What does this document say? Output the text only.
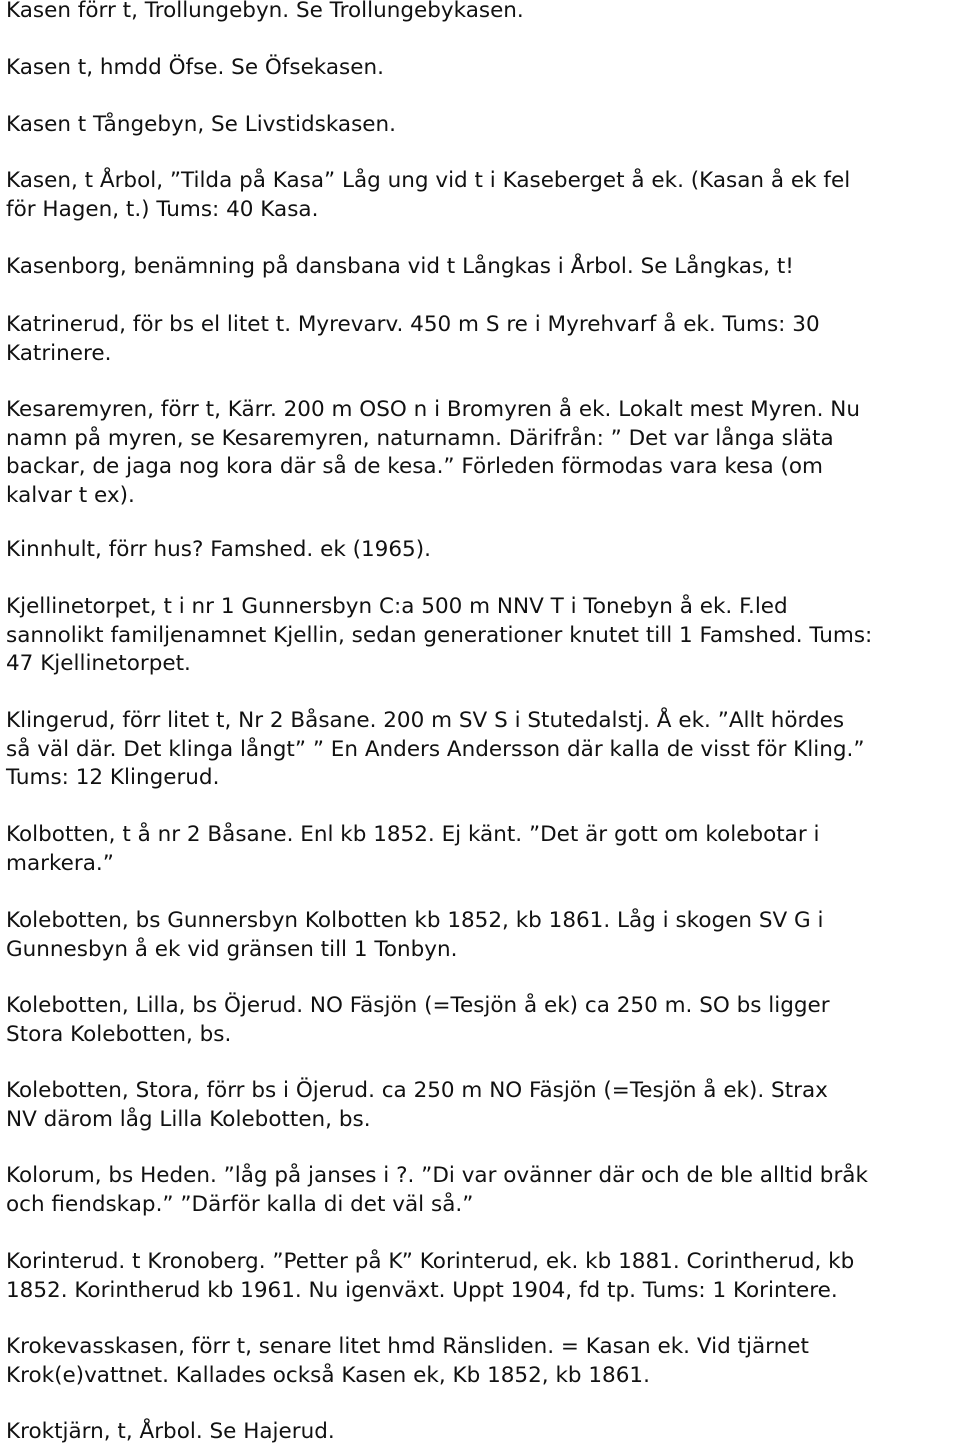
Kasen förr t, Trollungebyn. Se Trollungebykasen.

Kasen t, hmdd Öfse. Se Öfsekasen.

Kasen t Tångebyn, Se Livstidskasen.

Kasen, t Årbol, ”Tilda på Kasa” Låg ung vid t i Kaseberget å ek. (Kasan å ek fel
för Hagen, t.) Tums: 40 Kasa.

Kasenborg, benämning på dansbana vid t Långkas i Årbol. Se Långkas, t!

Katrinerud, för bs el litet t. Myrevarv. 450 m S re i Myrehvarf å ek. Tums: 30
Katrinere.

Kesaremyren, förr t, Kärr. 200 m OSO n i Bromyren å ek. Lokalt mest Myren. Nu
namn på myren, se Kesaremyren, naturnamn. Därifrån: ” Det var långa släta
backar, de jaga nog kora där så de kesa.” Förleden förmodas vara kesa (om
kalvar t ex).

Kinnhult, förr hus? Famshed. ek (1965).

Kjellinetorpet, t i nr 1 Gunnersbyn C:a 500 m NNV T i Tonebyn å ek. F.led
sannolikt familjenamnet Kjellin, sedan generationer knutet till 1 Famshed. Tums:
47 Kjellinetorpet.

Klingerud, förr litet t, Nr 2 Båsane. 200 m SV S i Stutedalstj. Å ek. ”Allt hördes
så väl där. Det klinga långt” ” En Anders Andersson där kalla de visst för Kling.”
Tums: 12 Klingerud.

Kolbotten, t å nr 2 Båsane. Enl kb 1852. Ej känt. ”Det är gott om kolebotar i
markera.”

Kolebotten, bs Gunnersbyn Kolbotten kb 1852, kb 1861. Låg i skogen SV G i
Gunnesbyn å ek vid gränsen till 1 Tonbyn.

Kolebotten, Lilla, bs Öjerud. NO Fäsjön (=Tesjön å ek) ca 250 m. SO bs ligger
Stora Kolebotten, bs.

Kolebotten, Stora, förr bs i Öjerud. ca 250 m NO Fäsjön (=Tesjön å ek). Strax
NV därom låg Lilla Kolebotten, bs.

Kolorum, bs Heden. ”låg på janses i ?. ”Di var ovänner där och de ble alltid bråk
och fiendskap.” ”Därför kalla di det väl så.”

Korinterud. t Kronoberg. ”Petter på K” Korinterud, ek. kb 1881. Corintherud, kb
1852. Korintherud kb 1961. Nu igenväxt. Uppt 1904, fd tp. Tums: 1 Korintere.

Krokevasskasen, förr t, senare litet hmd Ränsliden. = Kasan ek. Vid tjärnet
Krok(e)vattnet. Kallades också Kasen ek, Kb 1852, kb 1861.

Kroktjärn, t, Årbol. Se Hajerud.
